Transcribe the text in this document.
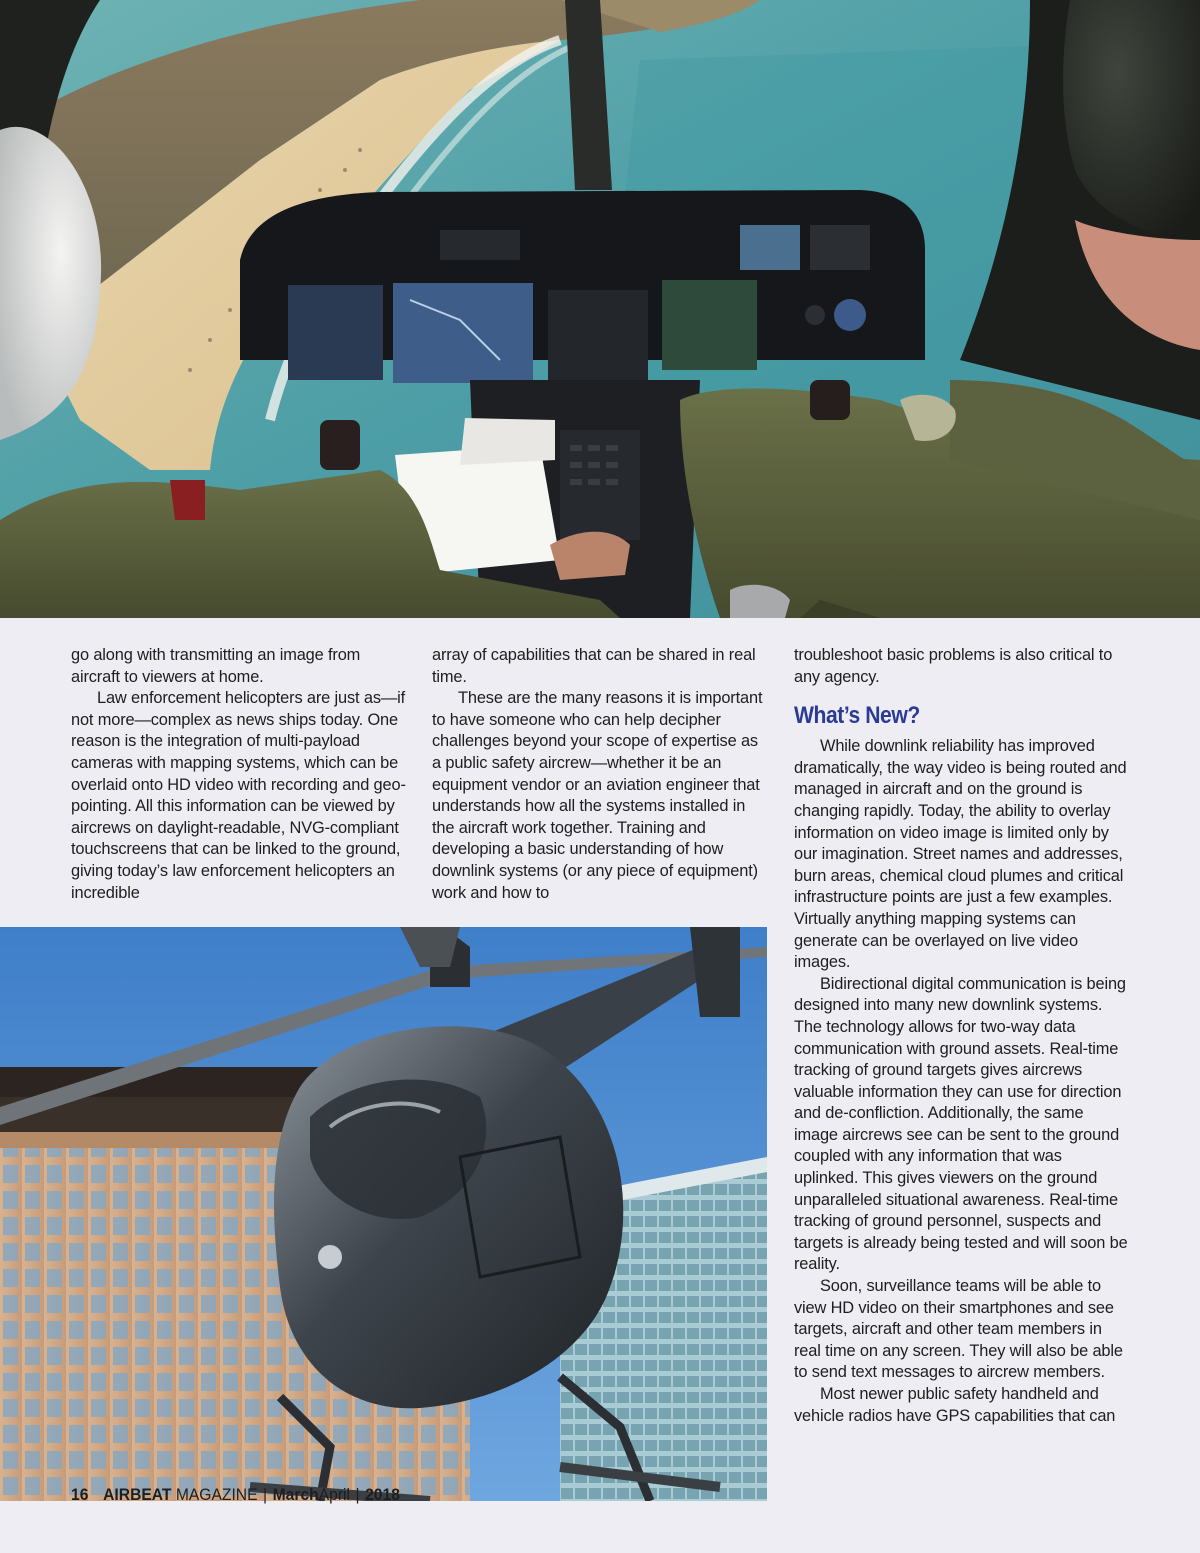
go along with transmitting an image from aircraft to viewers at home.

Law enforcement helicopters are just as—if not more—complex as news ships today. One reason is the integration of multi-payload cameras with mapping systems, which can be overlaid onto HD video with recording and geo-pointing. All this information can be viewed by aircrews on daylight-readable, NVG-compliant touchscreens that can be linked to the ground, giving today’s law enforcement helicopters an incredible

array of capabilities that can be shared in real time.

These are the many reasons it is important to have someone who can help decipher challenges beyond your scope of expertise as a public safety aircrew—whether it be an equipment vendor or an aviation engineer that understands how all the systems installed in the aircraft work together. Training and developing a basic understanding of how downlink systems (or any piece of equipment) work and how to

troubleshoot basic problems is also critical to any agency.

What’s New?

While downlink reliability has improved dramatically, the way video is being routed and managed in aircraft and on the ground is changing rapidly. Today, the ability to overlay information on video image is limited only by our imagination. Street names and addresses, burn areas, chemical cloud plumes and critical infrastructure points are just a few examples. Virtually anything mapping systems can generate can be overlayed on live video images.

Bidirectional digital communication is being designed into many new downlink systems. The technology allows for two-way data communication with ground assets. Real-time tracking of ground targets gives aircrews valuable information they can use for direction and de-confliction. Additionally, the same image aircrews see can be sent to the ground coupled with any information that was uplinked. This gives viewers on the ground unparalleled situational awareness. Real-time tracking of ground personnel, suspects and targets is already being tested and will soon be reality.

Soon, surveillance teams will be able to view HD video on their smartphones and see targets, aircraft and other team members in real time on any screen. They will also be able to send text messages to aircrew members.

Most newer public safety handheld and vehicle radios have GPS capabilities that can

16 AIRBEAT MAGAZINE | MarchApril | 2018
